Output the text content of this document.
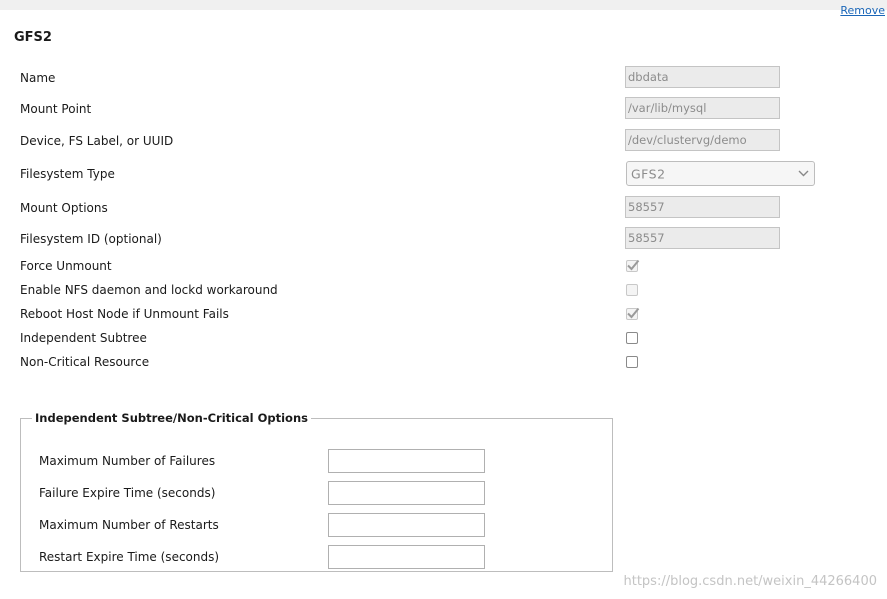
Remove
GFS2
Name
dbdata
Mount Point
/var/lib/mysql
Device, FS Label, or UUID
/dev/clustervg/demo
Filesystem Type	GFS2
Mount Options
58557
Filesystem ID (optional)
58557
Force Unmount
Enable NFS daemon and lockd workaround
Reboot Host Node if Unmount Fails
Independent Subtree
Non-Critical Resource
Independent Subtree/Non-Critical Options
Maximum Number of Failures
Failure Expire Time (seconds)
Maximum Number of Restarts
Restart Expire Time (seconds)
https://blog.csdn.net/weixin_44266400
